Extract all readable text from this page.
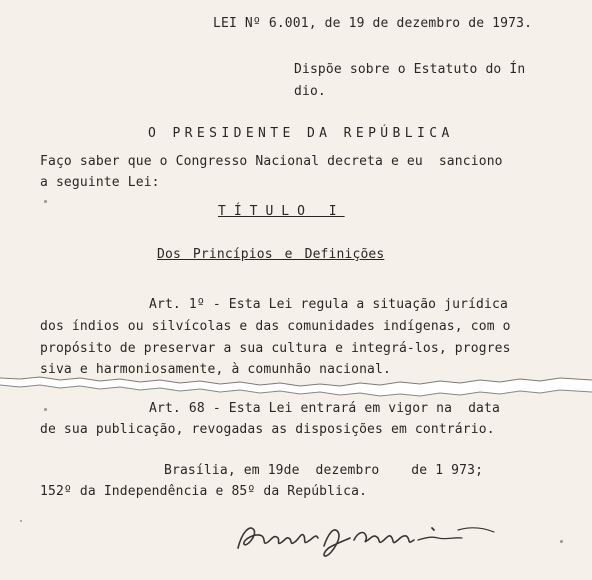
LEI Nº 6.001, de 19 de dezembro de 1973.
Dispõe sobre o Estatuto do Ín
dio.
O PRESIDENTE DA REPÚBLICA
Faço saber que o Congresso Nacional decreta e eu  sanciono
a seguinte Lei:
TÍTULO I
Dos Princípios e Definições
Art. 1º - Esta Lei regula a situação jurídica
dos índios ou silvícolas e das comunidades indígenas, com o
propósito de preservar a sua cultura e integrá-los, progres
siva e harmoniosamente, à comunhão nacional.
Art. 68 - Esta Lei entrará em vigor na  data
de sua publicação, revogadas as disposições em contrário.
Brasília, em 19de  dezembro    de 1 973;
152º da Independência e 85º da República.
